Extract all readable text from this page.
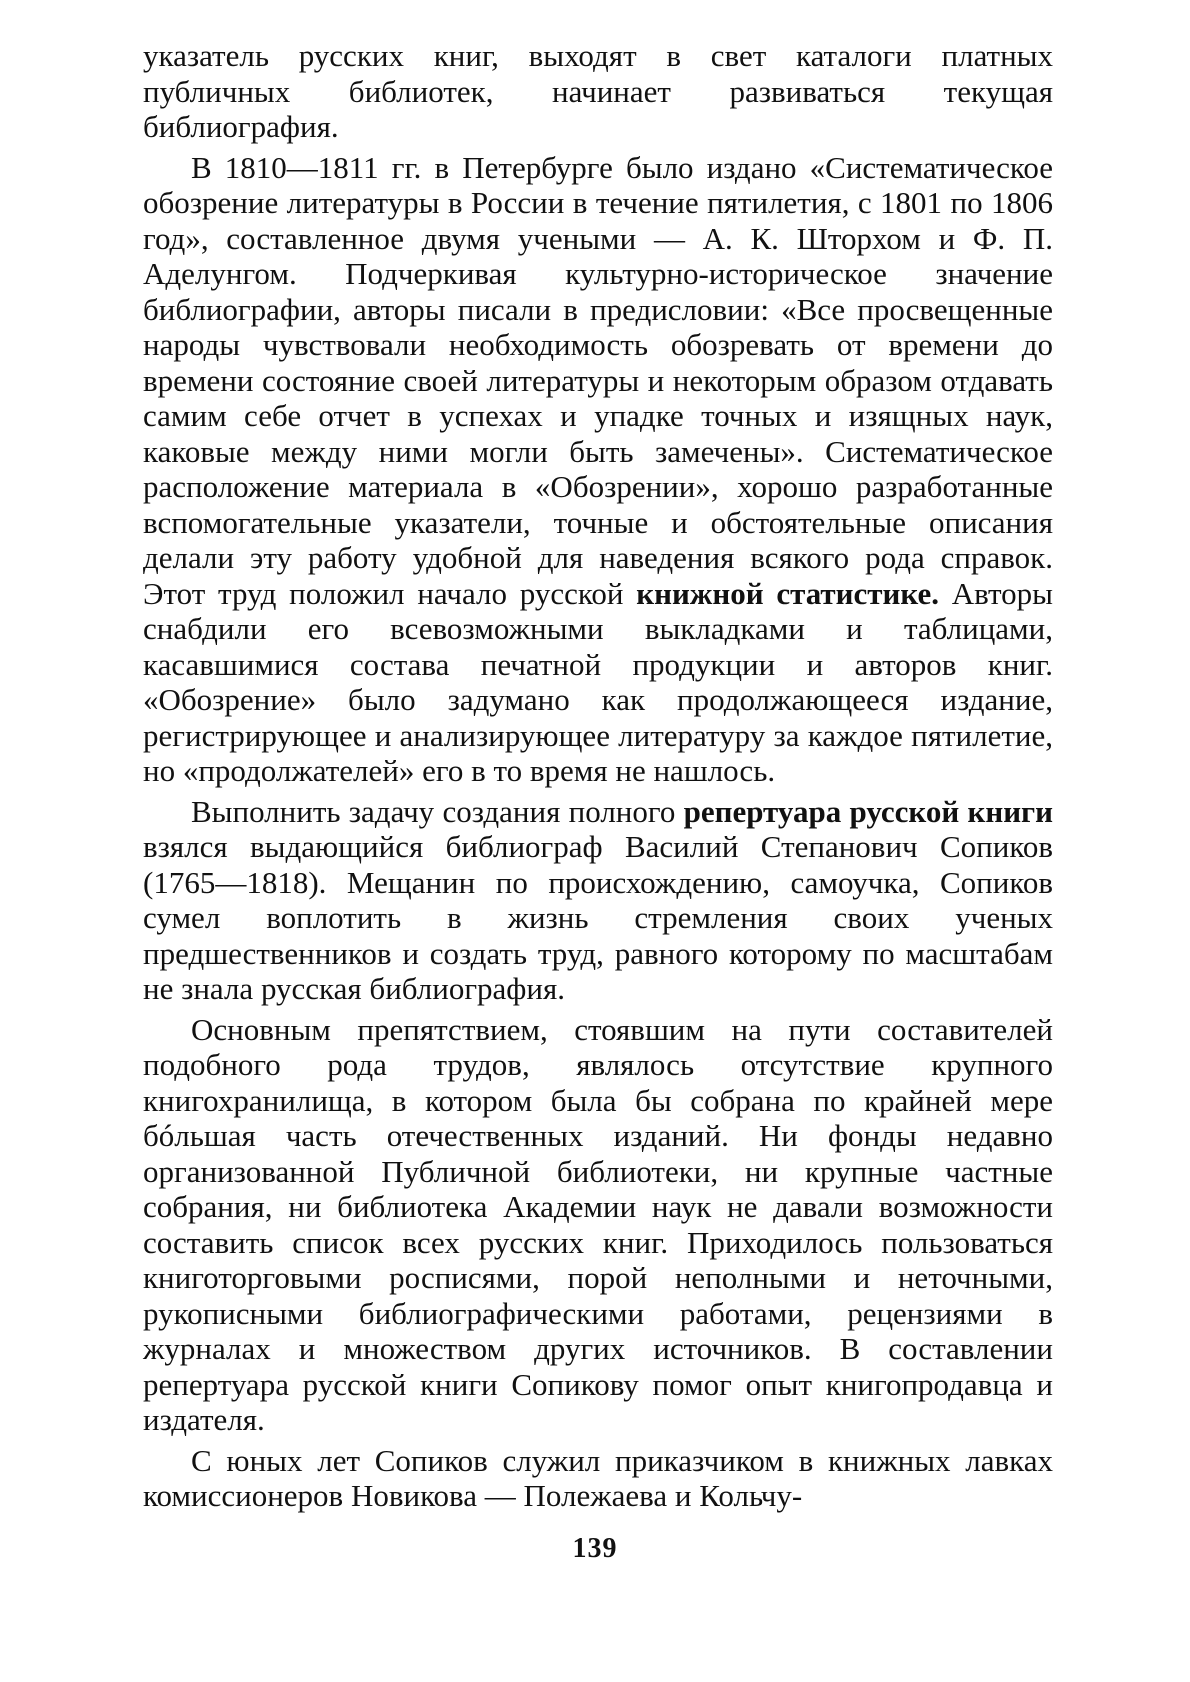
указатель русских книг, выходят в свет каталоги платных публичных библиотек, начинает развиваться текущая библиография.

В 1810—1811 гг. в Петербурге было издано «Систематическое обозрение литературы в России в течение пятилетия, с 1801 по 1806 год», составленное двумя учеными — А. К. Шторхом и Ф. П. Аделунгом. Подчеркивая культурно-историческое значение библиографии, авторы писали в предисловии: «Все просвещенные народы чувствовали необходимость обозревать от времени до времени состояние своей литературы и некоторым образом отдавать самим себе отчет в успехах и упадке точных и изящных наук, каковые между ними могли быть замечены». Систематическое расположение материала в «Обозрении», хорошо разработанные вспомогательные указатели, точные и обстоятельные описания делали эту работу удобной для наведения всякого рода справок. Этот труд положил начало русской книжной статистике. Авторы снабдили его всевозможными выкладками и таблицами, касавшимися состава печатной продукции и авторов книг. «Обозрение» было задумано как продолжающееся издание, регистрирующее и анализирующее литературу за каждое пятилетие, но «продолжателей» его в то время не нашлось.

Выполнить задачу создания полного репертуара русской книги взялся выдающийся библиограф Василий Степанович Сопиков (1765—1818). Мещанин по происхождению, самоучка, Сопиков сумел воплотить в жизнь стремления своих ученых предшественников и создать труд, равного которому по масштабам не знала русская библиография.

Основным препятствием, стоявшим на пути составителей подобного рода трудов, являлось отсутствие крупного книгохранилища, в котором была бы собрана по крайней мере бóльшая часть отечественных изданий. Ни фонды недавно организованной Публичной библиотеки, ни крупные частные собрания, ни библиотека Академии наук не давали возможности составить список всех русских книг. Приходилось пользоваться книготорговыми росписями, порой неполными и неточными, рукописными библиографическими работами, рецензиями в журналах и множеством других источников. В составлении репертуара русской книги Сопикову помог опыт книгопродавца и издателя.

С юных лет Сопиков служил приказчиком в книжных лавках комиссионеров Новикова — Полежаева и Кольчу-

139
